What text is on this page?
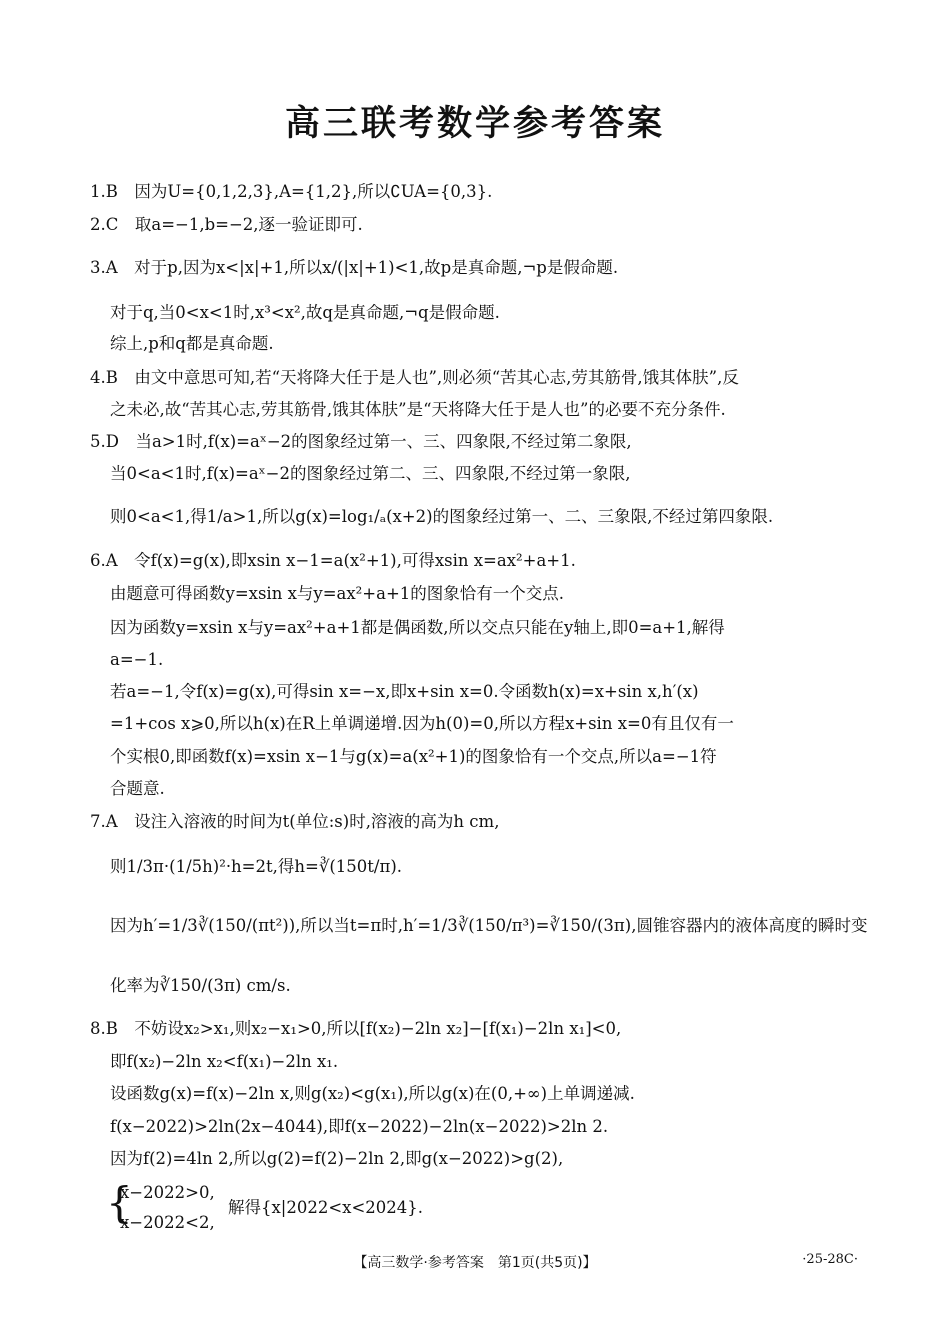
高三联考数学参考答案
1.B　因为U={0,1,2,3},A={1,2},所以∁UA={0,3}.
2.C　取a=−1,b=−2,逐一验证即可.
3.A　对于p,因为x<|x|+1,所以x/(|x|+1)<1,故p是真命题,¬p是假命题.
对于q,当0<x<1时,x³<x²,故q是真命题,¬q是假命题.
综上,p和q都是真命题.
4.B　由文中意思可知,若“天将降大任于是人也”,则必须“苦其心志,劳其筋骨,饿其体肤”,反
之未必,故“苦其心志,劳其筋骨,饿其体肤”是“天将降大任于是人也”的必要不充分条件.
5.D　当a>1时,f(x)=aˣ−2的图象经过第一、三、四象限,不经过第二象限,
当0<a<1时,f(x)=aˣ−2的图象经过第二、三、四象限,不经过第一象限,
则0<a<1,得1/a>1,所以g(x)=log₁/ₐ(x+2)的图象经过第一、二、三象限,不经过第四象限.
6.A　令f(x)=g(x),即xsin x−1=a(x²+1),可得xsin x=ax²+a+1.
由题意可得函数y=xsin x与y=ax²+a+1的图象恰有一个交点.
因为函数y=xsin x与y=ax²+a+1都是偶函数,所以交点只能在y轴上,即0=a+1,解得
a=−1.
若a=−1,令f(x)=g(x),可得sin x=−x,即x+sin x=0.令函数h(x)=x+sin x,h′(x)
=1+cos x⩾0,所以h(x)在R上单调递增.因为h(0)=0,所以方程x+sin x=0有且仅有一
个实根0,即函数f(x)=xsin x−1与g(x)=a(x²+1)的图象恰有一个交点,所以a=−1符
合题意.
7.A　设注入溶液的时间为t(单位:s)时,溶液的高为h cm,
则1/3π·(1/5h)²·h=2t,得h=∛(150t/π).
因为h′=1/3∛(150/(πt²)),所以当t=π时,h′=1/3∛(150/π³)=∛150/(3π),圆锥容器内的液体高度的瞬时变
化率为∛150/(3π) cm/s.
8.B　不妨设x₂>x₁,则x₂−x₁>0,所以[f(x₂)−2ln x₂]−[f(x₁)−2ln x₁]<0,
即f(x₂)−2ln x₂<f(x₁)−2ln x₁.
设函数g(x)=f(x)−2ln x,则g(x₂)<g(x₁),所以g(x)在(0,+∞)上单调递减.
f(x−2022)>2ln(2x−4044),即f(x−2022)−2ln(x−2022)>2ln 2.
因为f(2)=4ln 2,所以g(2)=f(2)−2ln 2,即g(x−2022)>g(2),
{
x−2022>0,
x−2022<2,
解得{x|2022<x<2024}.
【高三数学·参考答案　第1页(共5页)】	·25-28C·
